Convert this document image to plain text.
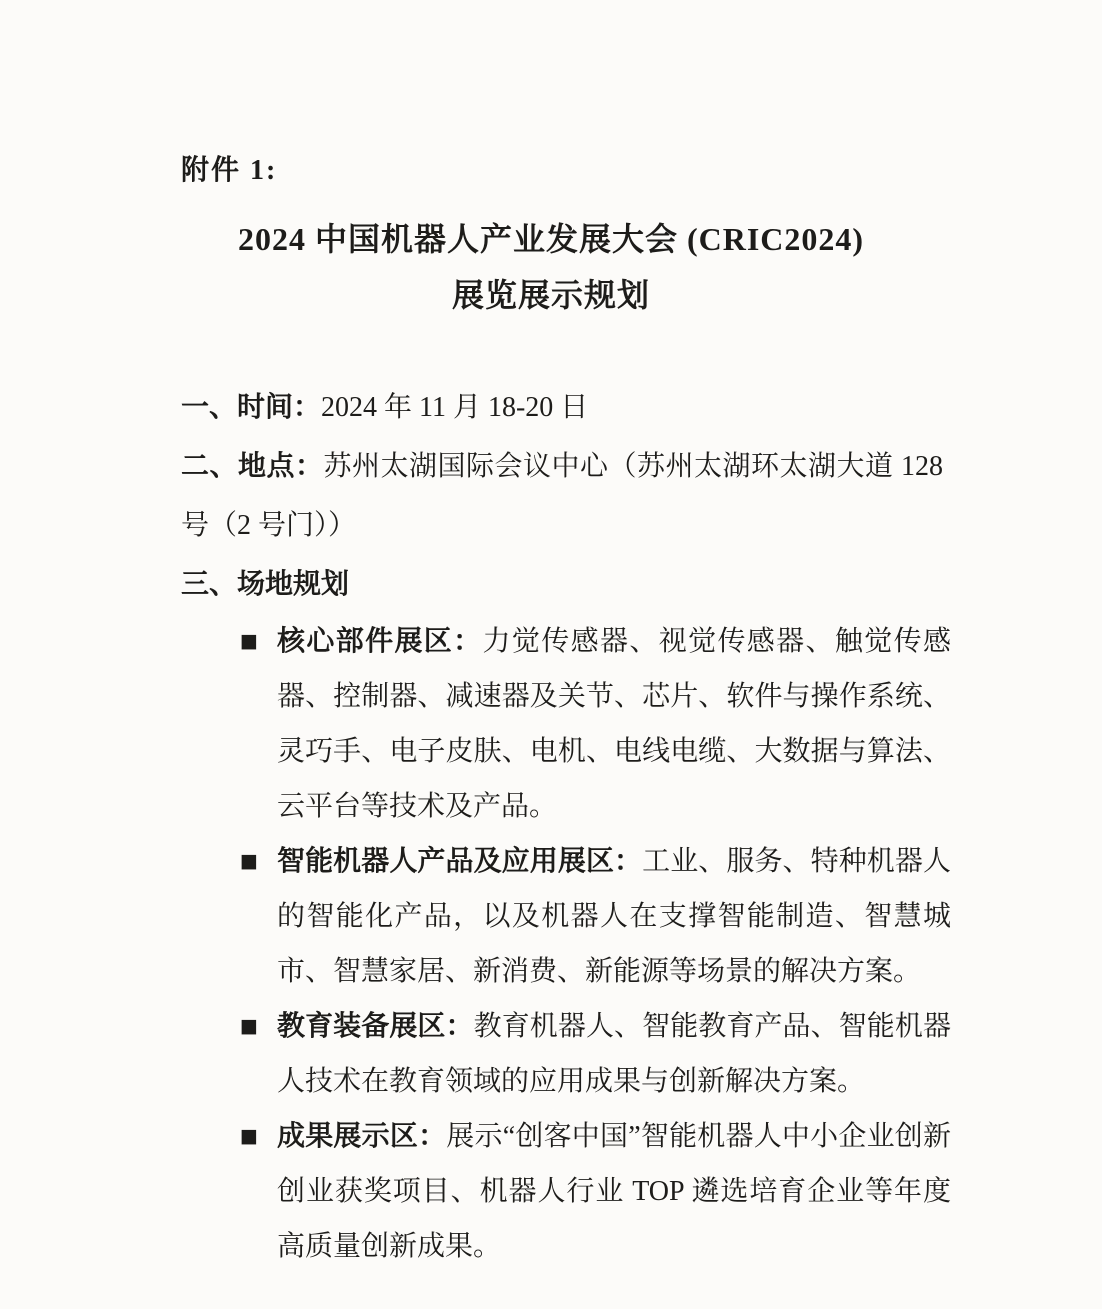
附件 1:
2024 中国机器人产业发展大会 (CRIC2024)
展览展示规划

一、时间：2024 年 11 月 18-20 日

二、地点：苏州太湖国际会议中心（苏州太湖环太湖大道 128 号（2 号门））

三、场地规划

■ 核心部件展区：力觉传感器、视觉传感器、触觉传感器、控制器、减速器及关节、芯片、软件与操作系统、灵巧手、电子皮肤、电机、电线电缆、大数据与算法、云平台等技术及产品。
■ 智能机器人产品及应用展区：工业、服务、特种机器人的智能化产品，以及机器人在支撑智能制造、智慧城市、智慧家居、新消费、新能源等场景的解决方案。
■ 教育装备展区：教育机器人、智能教育产品、智能机器人技术在教育领域的应用成果与创新解决方案。
■ 成果展示区：展示“创客中国”智能机器人中小企业创新创业获奖项目、机器人行业 TOP 遴选培育企业等年度高质量创新成果。
